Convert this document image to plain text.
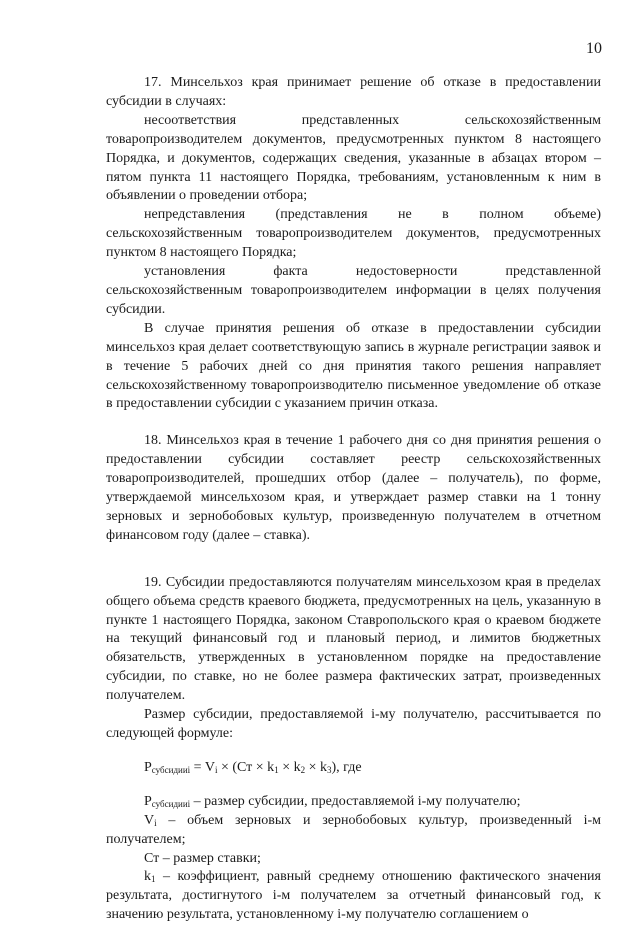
10

17. Минсельхоз края принимает решение об отказе в предоставлении субсидии в случаях:

несоответствия представленных сельскохозяйственным товаропроизводителем документов, предусмотренных пунктом 8 настоящего Порядка, и документов, содержащих сведения, указанные в абзацах втором – пятом пункта 11 настоящего Порядка, требованиям, установленным к ним в объявлении о проведении отбора;

непредставления (представления не в полном объеме) сельскохозяйственным товаропроизводителем документов, предусмотренных пунктом 8 настоящего Порядка;

установления факта недостоверности представленной сельскохозяйственным товаропроизводителем информации в целях получения субсидии.

В случае принятия решения об отказе в предоставлении субсидии минсельхоз края делает соответствующую запись в журнале регистрации заявок и в течение 5 рабочих дней со дня принятия такого решения направляет сельскохозяйственному товаропроизводителю письменное уведомление об отказе в предоставлении субсидии с указанием причин отказа.

18. Минсельхоз края в течение 1 рабочего дня со дня принятия решения о предоставлении субсидии составляет реестр сельскохозяйственных товаропроизводителей, прошедших отбор (далее – получатель), по форме, утверждаемой минсельхозом края, и утверждает размер ставки на 1 тонну зерновых и зернобобовых культур, произведенную получателем в отчетном финансовом году (далее – ставка).

19. Субсидии предоставляются получателям минсельхозом края в пределах общего объема средств краевого бюджета, предусмотренных на цель, указанную в пункте 1 настоящего Порядка, законом Ставропольского края о краевом бюджете на текущий финансовый год и плановый период, и лимитов бюджетных обязательств, утвержденных в установленном порядке на предоставление субсидии, по ставке, но не более размера фактических затрат, произведенных получателем.

Размер субсидии, предоставляемой i-му получателю, рассчитывается по следующей формуле:

$P_{субсидииi} = V_i \times (Ст \times k_1 \times k_2 \times k_3)$, где

$P_{субсидииi}$ – размер субсидии, предоставляемой i-му получателю;

$V_i$ – объем зерновых и зернобобовых культур, произведенный i-м получателем;

Ст – размер ставки;

$k_1$ – коэффициент, равный среднему отношению фактического значения результата, достигнутого i-м получателем за отчетный финансовый год, к значению результата, установленному i-му получателю соглашением о
